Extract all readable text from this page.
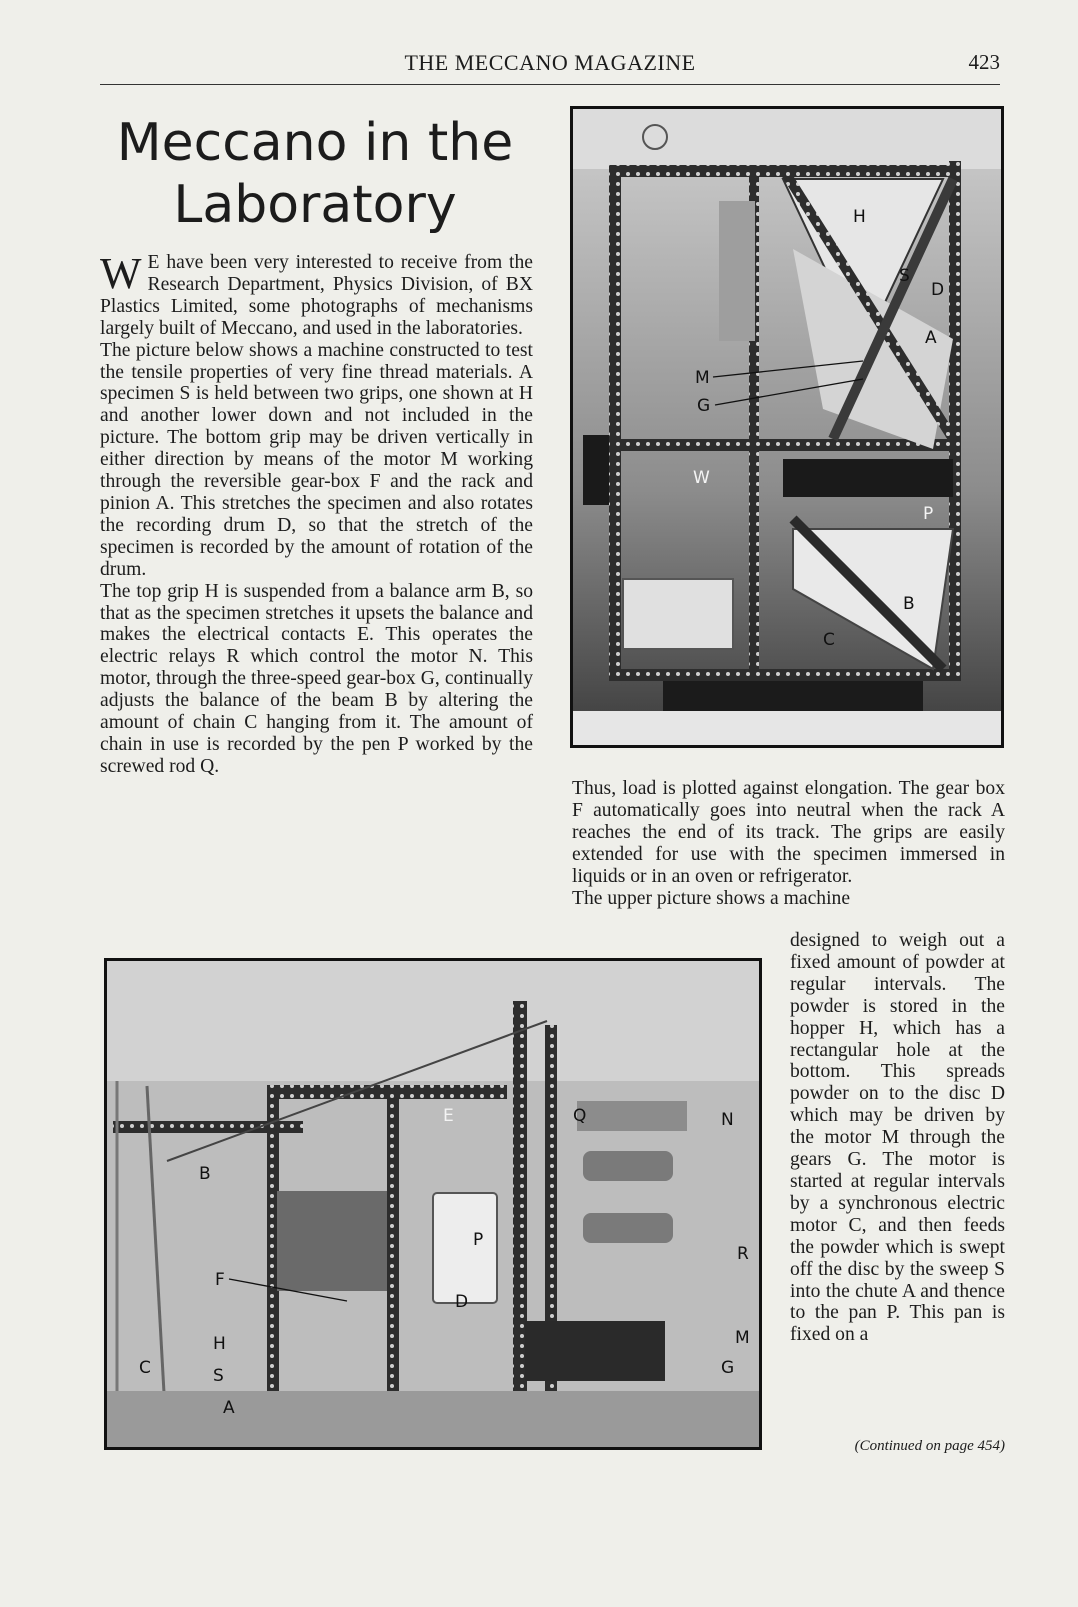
THE MECCANO MAGAZINE	423
Meccano in the
Laboratory

W E have been very interested to receive from the Research Department, Physics Division, of BX Plastics Limited, some photographs of mechanisms largely built of Meccano, and used in the laboratories.

The picture below shows a machine constructed to test the tensile properties of very fine thread materials. A specimen S is held between two grips, one shown at H and another lower down and not included in the picture. The bottom grip may be driven vertically in either direction by means of the motor M working through the reversible gear-box F and the rack and pinion A. This stretches the specimen and also rotates the recording drum D, so that the stretch of the specimen is recorded by the amount of rotation of the drum.

The top grip H is suspended from a balance arm B, so that as the specimen stretches it upsets the balance and makes the electrical contacts E. This operates the electric relays R which control the motor N. This motor, through the three-speed gear-box G, continually adjusts the balance of the beam B by altering the amount of chain C hanging from it. The amount of chain in use is recorded by the pen P worked by the screwed rod Q.

Thus, load is plotted against elongation. The gear box F automatically goes into neutral when the rack A reaches the end of its track. The grips are easily extended for use with the specimen immersed in liquids or in an oven or refrigerator.

The upper picture shows a machine

designed to weigh out a fixed amount of powder at regular intervals. The powder is stored in the hopper H, which has a rectangular hole at the bottom. This spreads powder on to the disc D which may be driven by the motor M through the gears G. The motor is started at regular intervals by a synchronous electric motor C, and then feeds the powder which is swept off the disc by the sweep S into the chute A and thence to the pan P. This pan is fixed on a
(Continued on page 454)
H
S
D
A
M
G
W
P
B
C
B
E	Q	N
P
F
D
R
H
C	S
M
G
A
